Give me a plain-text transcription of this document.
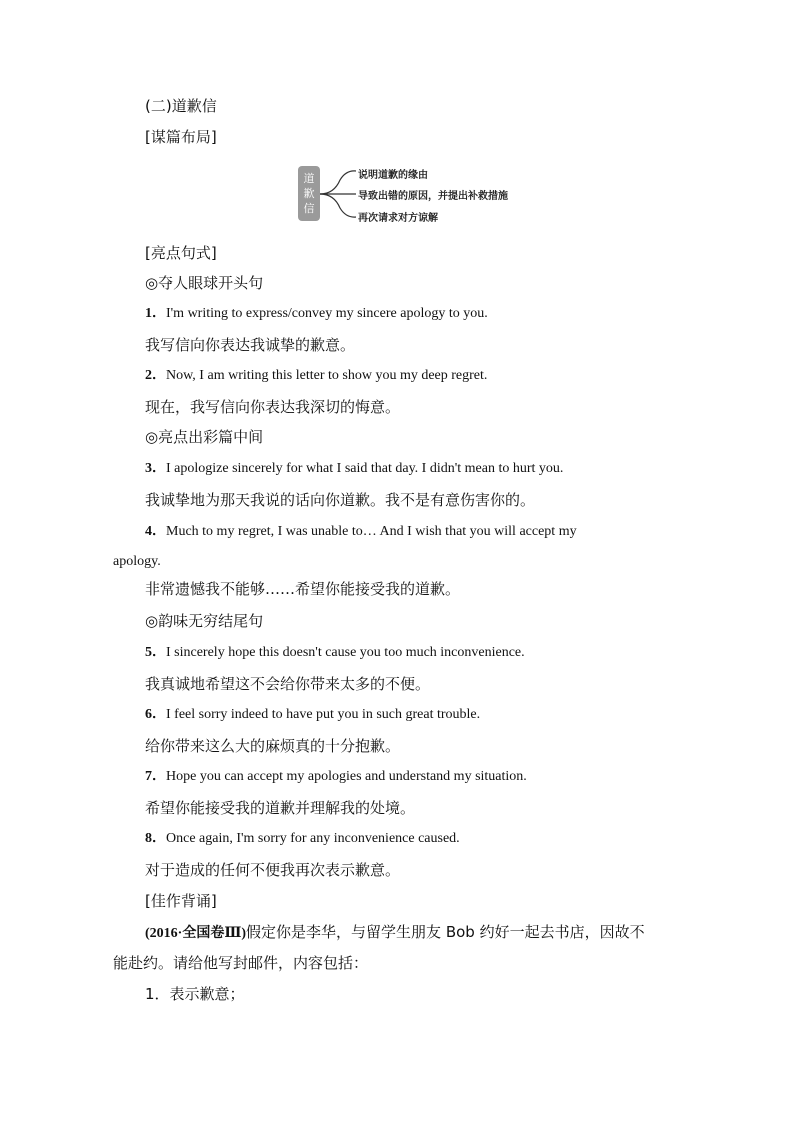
(二)道歉信
[谋篇布局]
道
歉
信
说明道歉的缘由
导致出错的原因，并提出补救措施
再次请求对方谅解
[亮点句式]
◎夺人眼球开头句
1．I'm writing to express/convey my sincere apology to you.
我写信向你表达我诚挚的歉意。
2．Now, I am writing this letter to show you my deep regret.
现在，我写信向你表达我深切的悔意。
◎亮点出彩篇中间
3．I apologize sincerely for what I said that day. I didn't mean to hurt you.
我诚挚地为那天我说的话向你道歉。我不是有意伤害你的。
4．Much to my regret, I was unable to… And I wish that you will accept my
apology.
非常遗憾我不能够……希望你能接受我的道歉。
◎韵味无穷结尾句
5．I sincerely hope this doesn't cause you too much inconvenience.
我真诚地希望这不会给你带来太多的不便。
6．I feel sorry indeed to have put you in such great trouble.
给你带来这么大的麻烦真的十分抱歉。
7．Hope you can accept my apologies and understand my situation.
希望你能接受我的道歉并理解我的处境。
8．Once again, I'm sorry for any inconvenience caused.
对于造成的任何不便我再次表示歉意。
[佳作背诵]
(2016·全国卷Ⅲ)假定你是李华，与留学生朋友 Bob 约好一起去书店，因故不
能赴约。请给他写封邮件，内容包括：
1．表示歉意；
